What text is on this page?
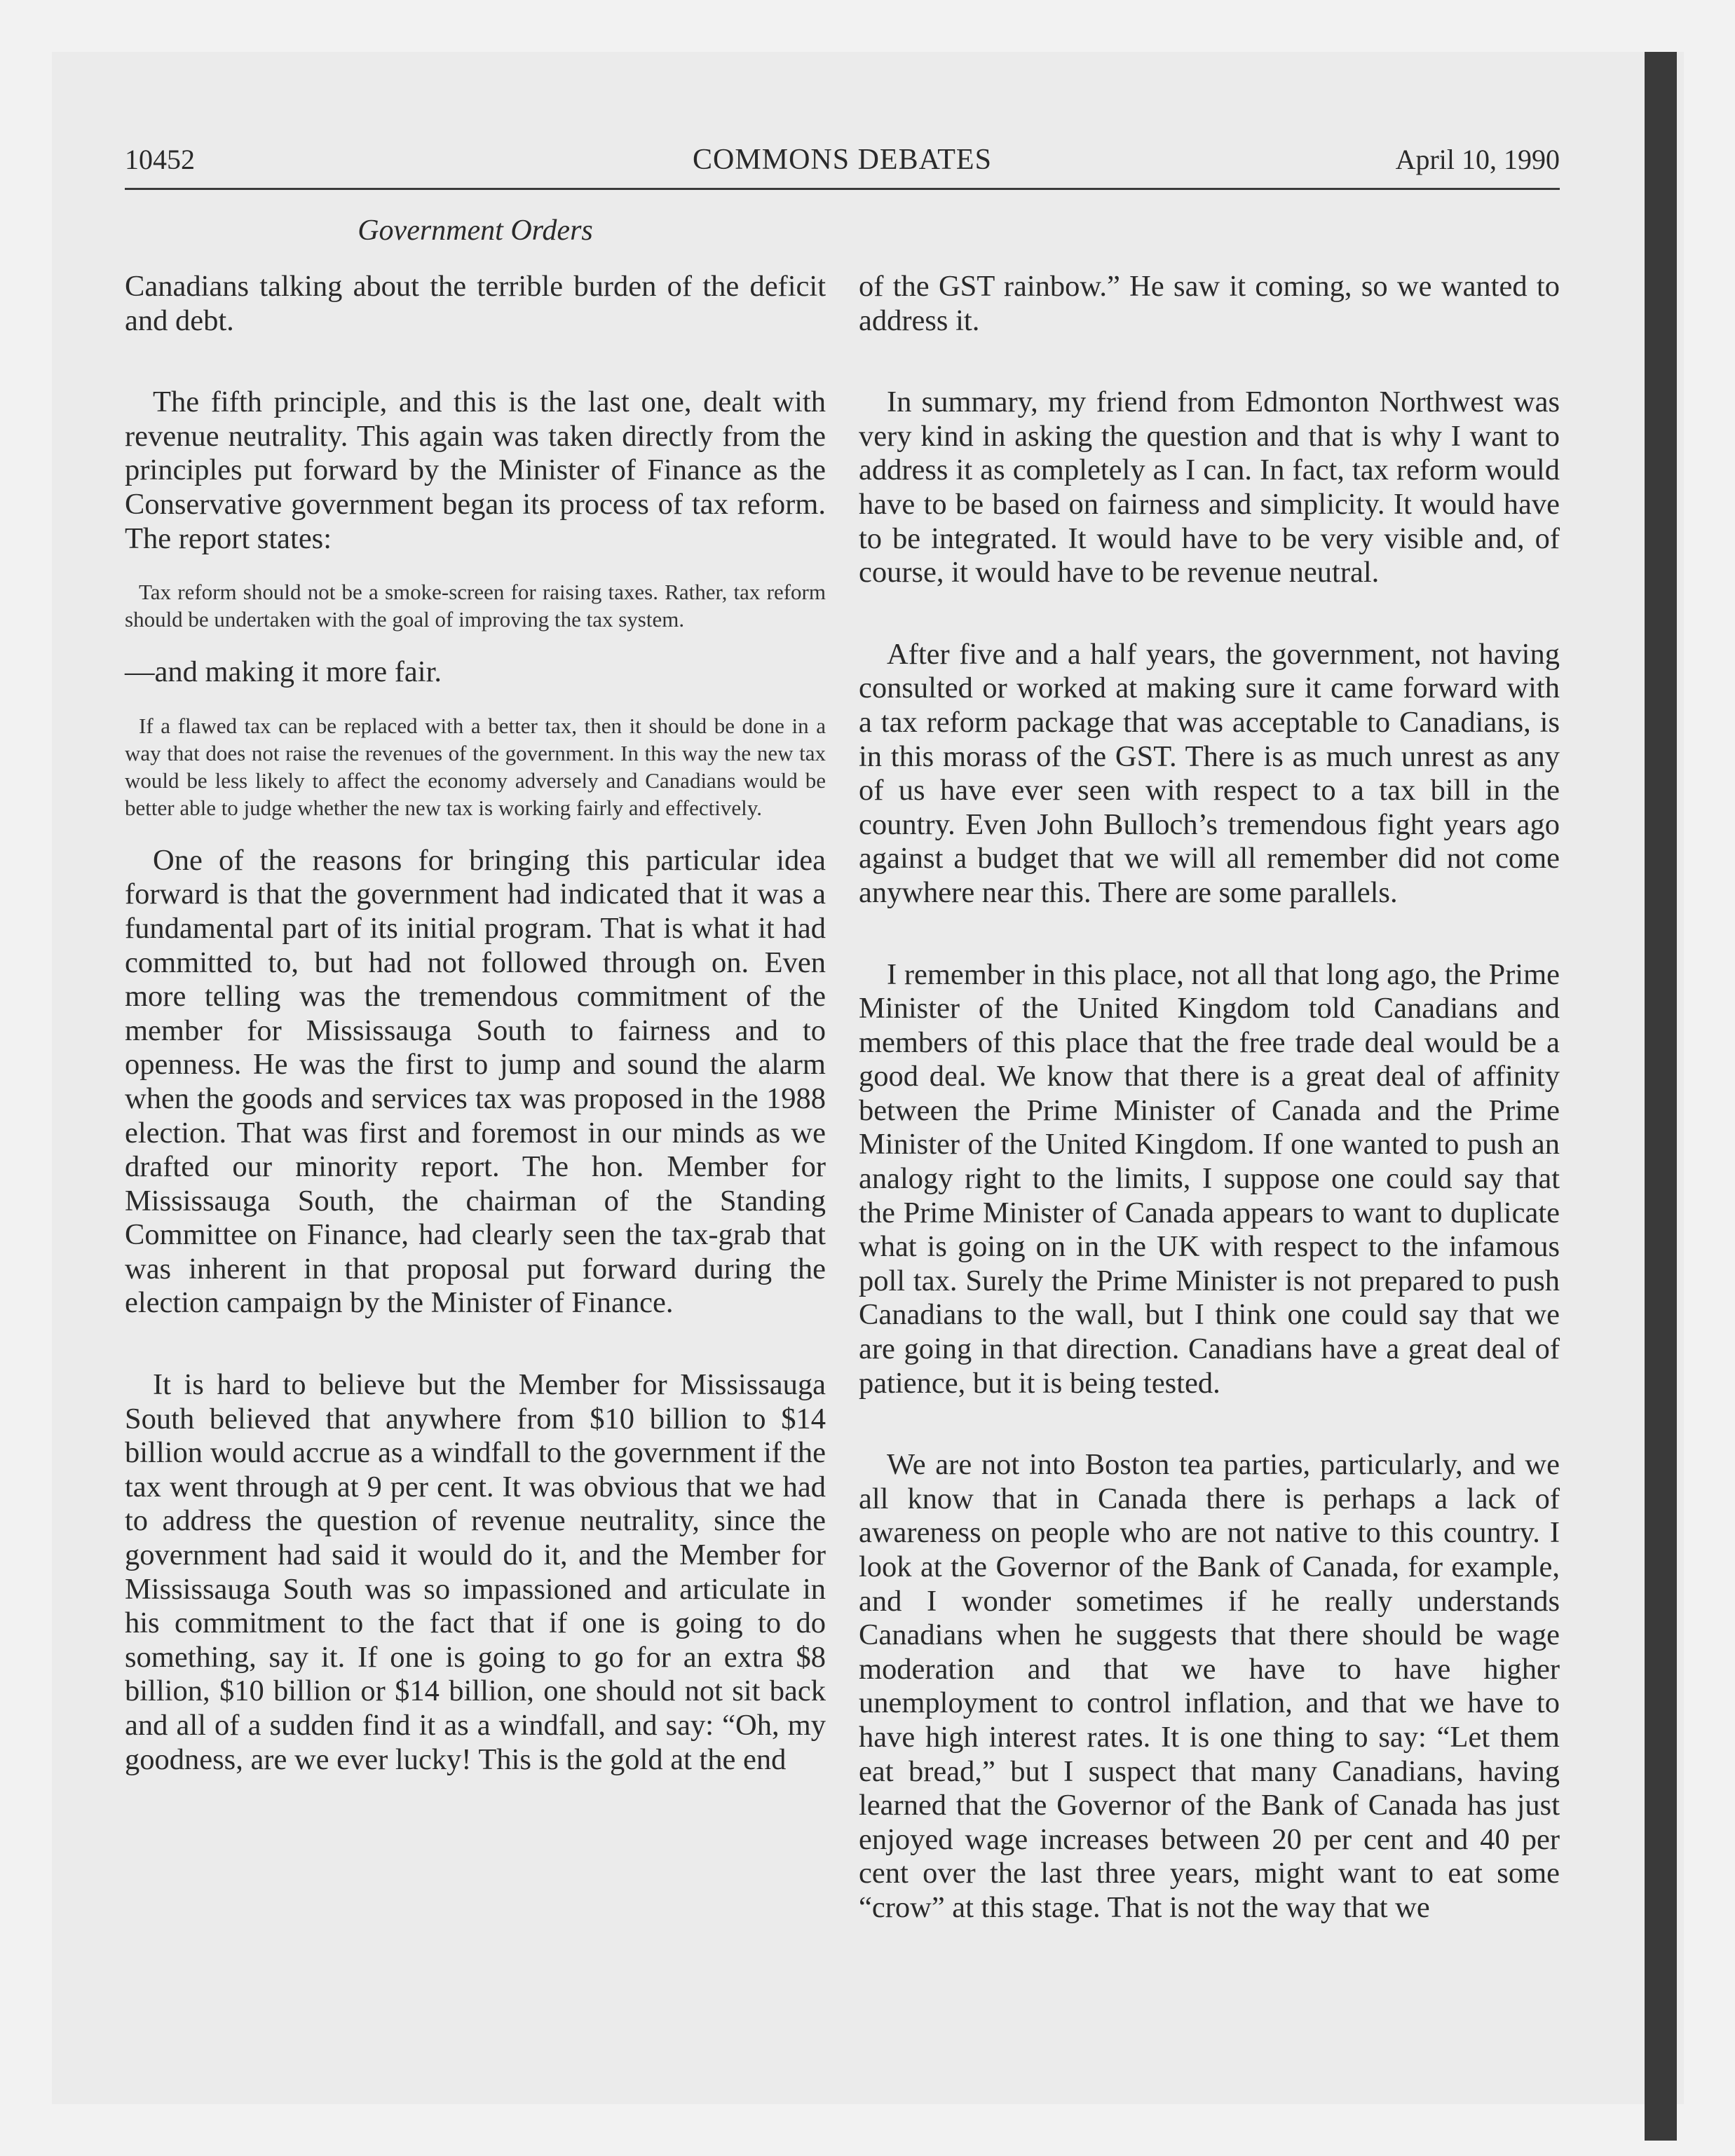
10452	COMMONS DEBATES	April 10, 1990
Government Orders

Canadians talking about the terrible burden of the deficit and debt.

The fifth principle, and this is the last one, dealt with revenue neutrality. This again was taken directly from the principles put forward by the Minister of Finance as the Conservative government began its process of tax reform. The report states:

Tax reform should not be a smoke-screen for raising taxes. Rather, tax reform should be undertaken with the goal of improving the tax system.

—and making it more fair.

If a flawed tax can be replaced with a better tax, then it should be done in a way that does not raise the revenues of the government. In this way the new tax would be less likely to affect the economy adversely and Canadians would be better able to judge whether the new tax is working fairly and effectively.

One of the reasons for bringing this particular idea forward is that the government had indicated that it was a fundamental part of its initial program. That is what it had committed to, but had not followed through on. Even more telling was the tremendous commitment of the member for Mississauga South to fairness and to openness. He was the first to jump and sound the alarm when the goods and services tax was proposed in the 1988 election. That was first and foremost in our minds as we drafted our minority report. The hon. Member for Mississauga South, the chairman of the Standing Committee on Finance, had clearly seen the tax-grab that was inherent in that proposal put forward during the election campaign by the Minister of Finance.

It is hard to believe but the Member for Mississauga South believed that anywhere from $10 billion to $14 billion would accrue as a windfall to the government if the tax went through at 9 per cent. It was obvious that we had to address the question of revenue neutrality, since the government had said it would do it, and the Member for Mississauga South was so impassioned and articulate in his commitment to the fact that if one is going to do something, say it. If one is going to go for an extra $8 billion, $10 billion or $14 billion, one should not sit back and all of a sudden find it as a windfall, and say: “Oh, my goodness, are we ever lucky! This is the gold at the end

of the GST rainbow.” He saw it coming, so we wanted to address it.

In summary, my friend from Edmonton Northwest was very kind in asking the question and that is why I want to address it as completely as I can. In fact, tax reform would have to be based on fairness and simplicity. It would have to be integrated. It would have to be very visible and, of course, it would have to be revenue neutral.

After five and a half years, the government, not having consulted or worked at making sure it came forward with a tax reform package that was acceptable to Canadians, is in this morass of the GST. There is as much unrest as any of us have ever seen with respect to a tax bill in the country. Even John Bulloch’s tremendous fight years ago against a budget that we will all remember did not come anywhere near this. There are some parallels.

I remember in this place, not all that long ago, the Prime Minister of the United Kingdom told Canadians and members of this place that the free trade deal would be a good deal. We know that there is a great deal of affinity between the Prime Minister of Canada and the Prime Minister of the United Kingdom. If one wanted to push an analogy right to the limits, I suppose one could say that the Prime Minister of Canada appears to want to duplicate what is going on in the UK with respect to the infamous poll tax. Surely the Prime Minister is not prepared to push Canadians to the wall, but I think one could say that we are going in that direction. Canadians have a great deal of patience, but it is being tested.

We are not into Boston tea parties, particularly, and we all know that in Canada there is perhaps a lack of awareness on people who are not native to this country. I look at the Governor of the Bank of Canada, for example, and I wonder sometimes if he really understands Canadians when he suggests that there should be wage moderation and that we have to have higher unemployment to control inflation, and that we have to have high interest rates. It is one thing to say: “Let them eat bread,” but I suspect that many Canadians, having learned that the Governor of the Bank of Canada has just enjoyed wage increases between 20 per cent and 40 per cent over the last three years, might want to eat some “crow” at this stage. That is not the way that we
